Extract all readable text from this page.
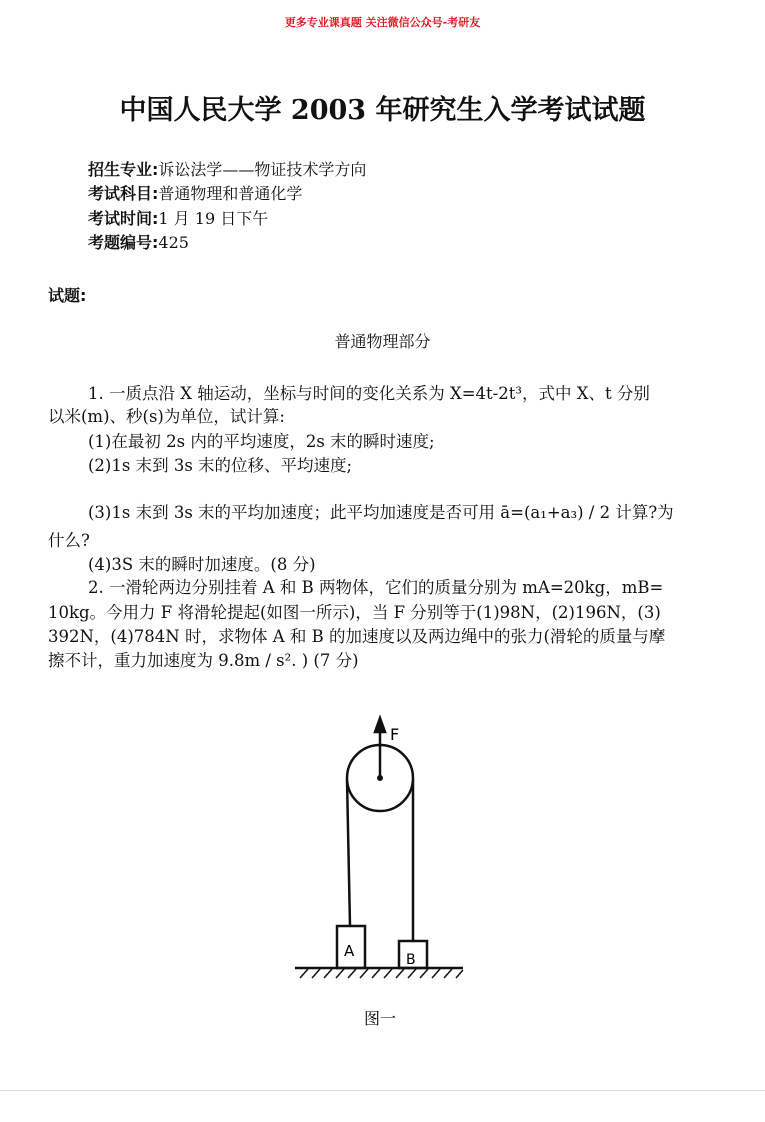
更多专业课真题 关注微信公众号-考研友
中国人民大学 2003 年研究生入学考试试题
招生专业:诉讼法学——物证技术学方向
考试科目:普通物理和普通化学
考试时间:1 月 19 日下午
考题编号:425
试题:
普通物理部分
1. 一质点沿 X 轴运动，坐标与时间的变化关系为 X=4t-2t³，式中 X、t 分别
以米(m)、秒(s)为单位，试计算:
(1)在最初 2s 内的平均速度，2s 末的瞬时速度;
(2)1s 末到 3s 末的位移、平均速度;
(3)1s 末到 3s 末的平均加速度；此平均加速度是否可用 ā=(a₁+a₃) / 2 计算?为
什么?
(4)3S 末的瞬时加速度。(8 分)
2. 一滑轮两边分别挂着 A 和 B 两物体，它们的质量分别为 mA=20kg，mB=
10kg。今用力 F 将滑轮提起(如图一所示)，当 F 分别等于(1)98N，(2)196N，(3)
392N，(4)784N 时，求物体 A 和 B 的加速度以及两边绳中的张力(滑轮的质量与摩
擦不计，重力加速度为 9.8m / s². ) (7 分)
F
A	B
图一
